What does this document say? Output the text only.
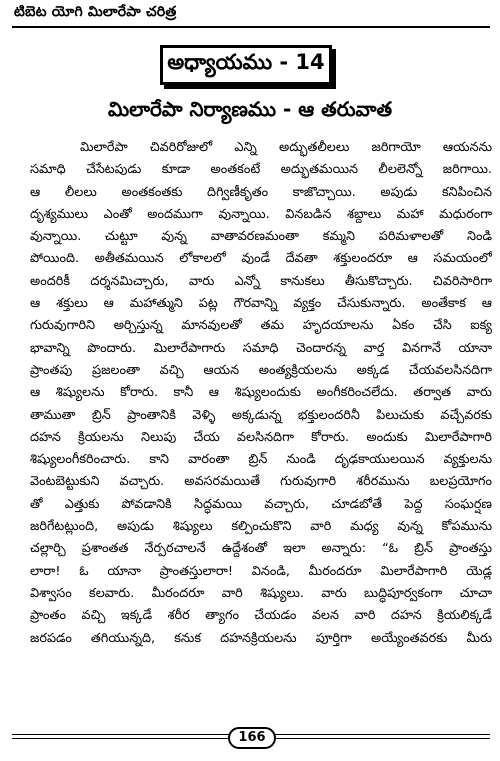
టిబెట యోగి మిలారేపా చరిత్ర
అధ్యాయము - 14
మిలారేపా నిర్యాణము - ఆ తరువాత
మిలారేపా చివరిరోజులో ఎన్ని అద్భుతలీలలు జరిగాయో ఆయనను
సమాధి చేసేటపుడు కూడా అంతకంటే అద్భుతమయిన లీలలెన్నో జరిగాయి.
ఆ లీలలు అంతకంతకు దిగ్విణీకృతం కాజొచ్చాయి. అపుడు కనిపించిన
దృశ్యములు ఎంతో అందముగా వున్నాయి. వినబడిన శబ్దాలు మహా మధురంగా
వున్నాయి. చుట్టూ వున్న వాతావరణమంతా కమ్మని పరిమళాలతో నిండి
పోయింది. అతీతమయిన లోకాలలో వుండే దేవతా శక్తులందరూ ఆ సమయంలో
అందరికీ దర్శనమిచ్చారు, వారు ఎన్నో కానుకలు తీసుకొచ్చారు. చివరిసారిగా
ఆ శక్తులు ఆ మహాత్ముని పట్ల గౌరవాన్ని వ్యక్తం చేసుకున్నారు. అంతేకాక ఆ
గురువుగారిని అర్చిస్తున్న మానవులతో తమ హృదయాలను ఏకం చేసి ఐక్య
భావాన్ని పొందారు. మిలారేపాగారు సమాధి చెందారన్న వార్త వినగానే యానా
ప్రాంతపు ప్రజలంతా వచ్చి ఆయన అంత్యక్రియలను అక్కడ చేయవలసినదిగా
ఆ శిష్యులను కోరారు. కానీ ఆ శిష్యులందుకు అంగీకరించలేదు. తర్వాత వారు
తాముతా బ్రిన్ ప్రాంతానికి వెళ్ళి అక్కడున్న భక్తులందరినీ పిలుచుకు వచ్చేవరకు
దహన క్రియలను నిలుపు చేయ వలసినదిగా కోరారు. అందుకు మిలారేపాగారి
శిష్యులంగీకరించారు. కాని వారంతా బ్రిన్ నుండి దృఢకాయులయిన వ్యక్తులను
వెంటబెట్టుకుని వచ్చారు. అవసరమయితే గురువుగారి శరీరమును బలప్రయోగం
తో ఎత్తుకు పోవడానికి సిద్ధమయి వచ్చారు, చూడబోతే పెద్ద సంఘర్షణ
జరిగేటట్లుంది, అపుడు శిష్యులు కల్పించుకొని వారి మధ్య వున్న కోపమును
చల్లార్చి ప్రశాంతత నేర్పరచాలనే ఉద్దేశంతో ఇలా అన్నారు: “ఓ బ్రిన్ ప్రాంతస్తు
లారా! ఓ యానా ప్రాంతస్తులారా! వినండి, మీరందరూ మిలారేపాగారి యెడ్ల
విశ్వాసం కలవారు. మీరందరూ వారి శిష్యులు. వారు బుద్ధిపూర్వకంగా చూచా
ప్రాంతం వచ్చి ఇక్కడే శరీర త్యాగం చేయడం వలన వారి దహన క్రియలిక్కడే
జరపడం తగియున్నది, కనుక దహనక్రియలను పూర్తిగా అయ్యేంతవరకు మీరు
166
